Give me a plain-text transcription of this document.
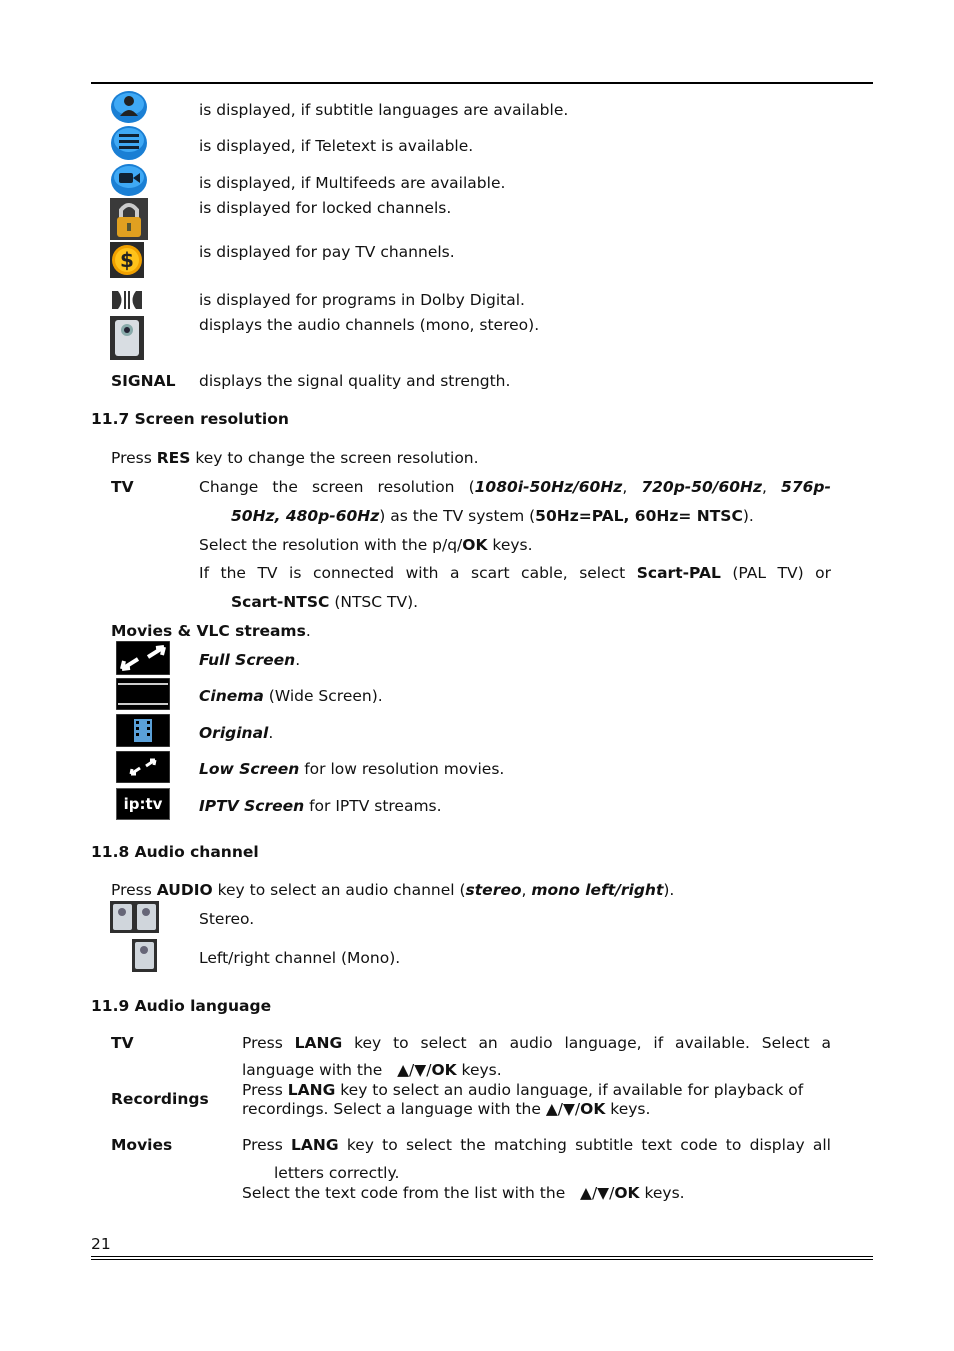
is displayed, if subtitle languages are available.
is displayed, if Teletext is available.
is displayed, if Multifeeds are available.
is displayed for locked channels.
$	is displayed for pay TV channels.
is displayed for programs in Dolby Digital.
displays the audio channels (mono, stereo).
SIGNAL displays the signal quality and strength.
11.7 Screen resolution
Press RES key to change the screen resolution.
TV	Change the screen resolution (1080i-50Hz/60Hz, 720p-50/60Hz, 576p-
50Hz, 480p-60Hz) as the TV system (50Hz=PAL, 60Hz= NTSC).
Select the resolution with the p/q/OK keys.
If the TV is connected with a scart cable, select Scart-PAL (PAL TV) or
Scart-NTSC (NTSC TV).
Movies & VLC streams.
Full Screen.
Cinema (Wide Screen).
Original.
Low Screen for low resolution movies.
ip:tv	IPTV Screen for IPTV streams.
11.8 Audio channel
Press AUDIO key to select an audio channel (stereo, mono left/right).
Stereo.
Left/right channel (Mono).
11.9 Audio language
TV	Press LANG key to select an audio language, if available. Select a
language with the   ▲/▼/OK keys.
Recordings Press LANG key to select an audio language, if available for playback of
recordings. Select a language with the ▲/▼/OK keys.
Movies	Press LANG key to select the matching subtitle text code to display all
letters correctly.
Select the text code from the list with the   ▲/▼/OK keys.
21
